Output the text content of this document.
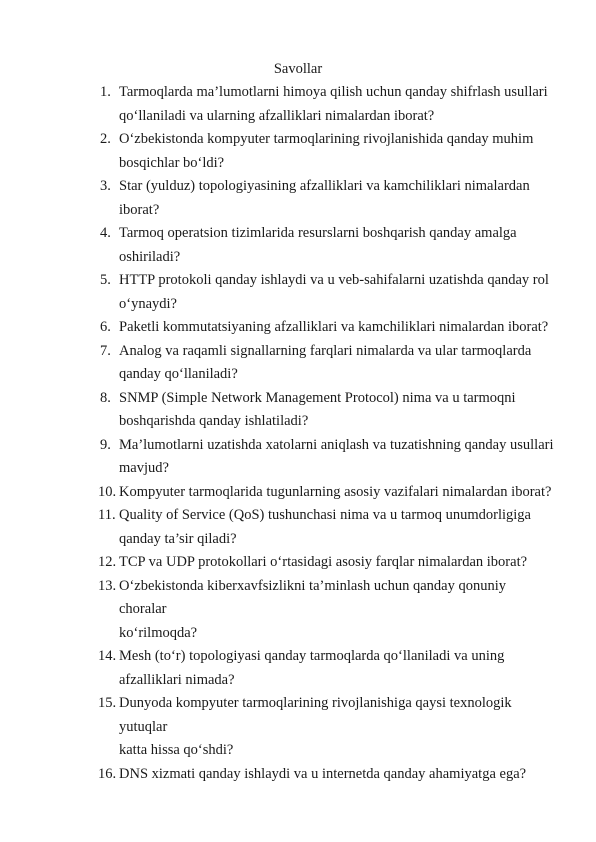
Savollar
1. Tarmoqlarda ma’lumotlarni himoya qilish uchun qanday shifrlash usullari
qo‘llaniladi va ularning afzalliklari nimalardan iborat?
2. O‘zbekistonda kompyuter tarmoqlarining rivojlanishida qanday muhim
bosqichlar bo‘ldi?
3. Star (yulduz) topologiyasining afzalliklari va kamchiliklari nimalardan
iborat?
4. Tarmoq operatsion tizimlarida resurslarni boshqarish qanday amalga
oshiriladi?
5. HTTP protokoli qanday ishlaydi va u veb-sahifalarni uzatishda qanday rol
o‘ynaydi?
6. Paketli kommutatsiyaning afzalliklari va kamchiliklari nimalardan iborat?
7. Analog va raqamli signallarning farqlari nimalarda va ular tarmoqlarda
qanday qo‘llaniladi?
8. SNMP (Simple Network Management Protocol) nima va u tarmoqni
boshqarishda qanday ishlatiladi?
9. Ma’lumotlarni uzatishda xatolarni aniqlash va tuzatishning qanday usullari
mavjud?
10. Kompyuter tarmoqlarida tugunlarning asosiy vazifalari nimalardan iborat?
11. Quality of Service (QoS) tushunchasi nima va u tarmoq unumdorligiga
qanday ta’sir qiladi?
12. TCP va UDP protokollari o‘rtasidagi asosiy farqlar nimalardan iborat?
13. O‘zbekistonda kiberxavfsizlikni ta’minlash uchun qanday qonuniy choralar
ko‘rilmoqda?
14. Mesh (to‘r) topologiyasi qanday tarmoqlarda qo‘llaniladi va uning
afzalliklari nimada?
15. Dunyoda kompyuter tarmoqlarining rivojlanishiga qaysi texnologik yutuqlar
katta hissa qo‘shdi?
16. DNS xizmati qanday ishlaydi va u internetda qanday ahamiyatga ega?
